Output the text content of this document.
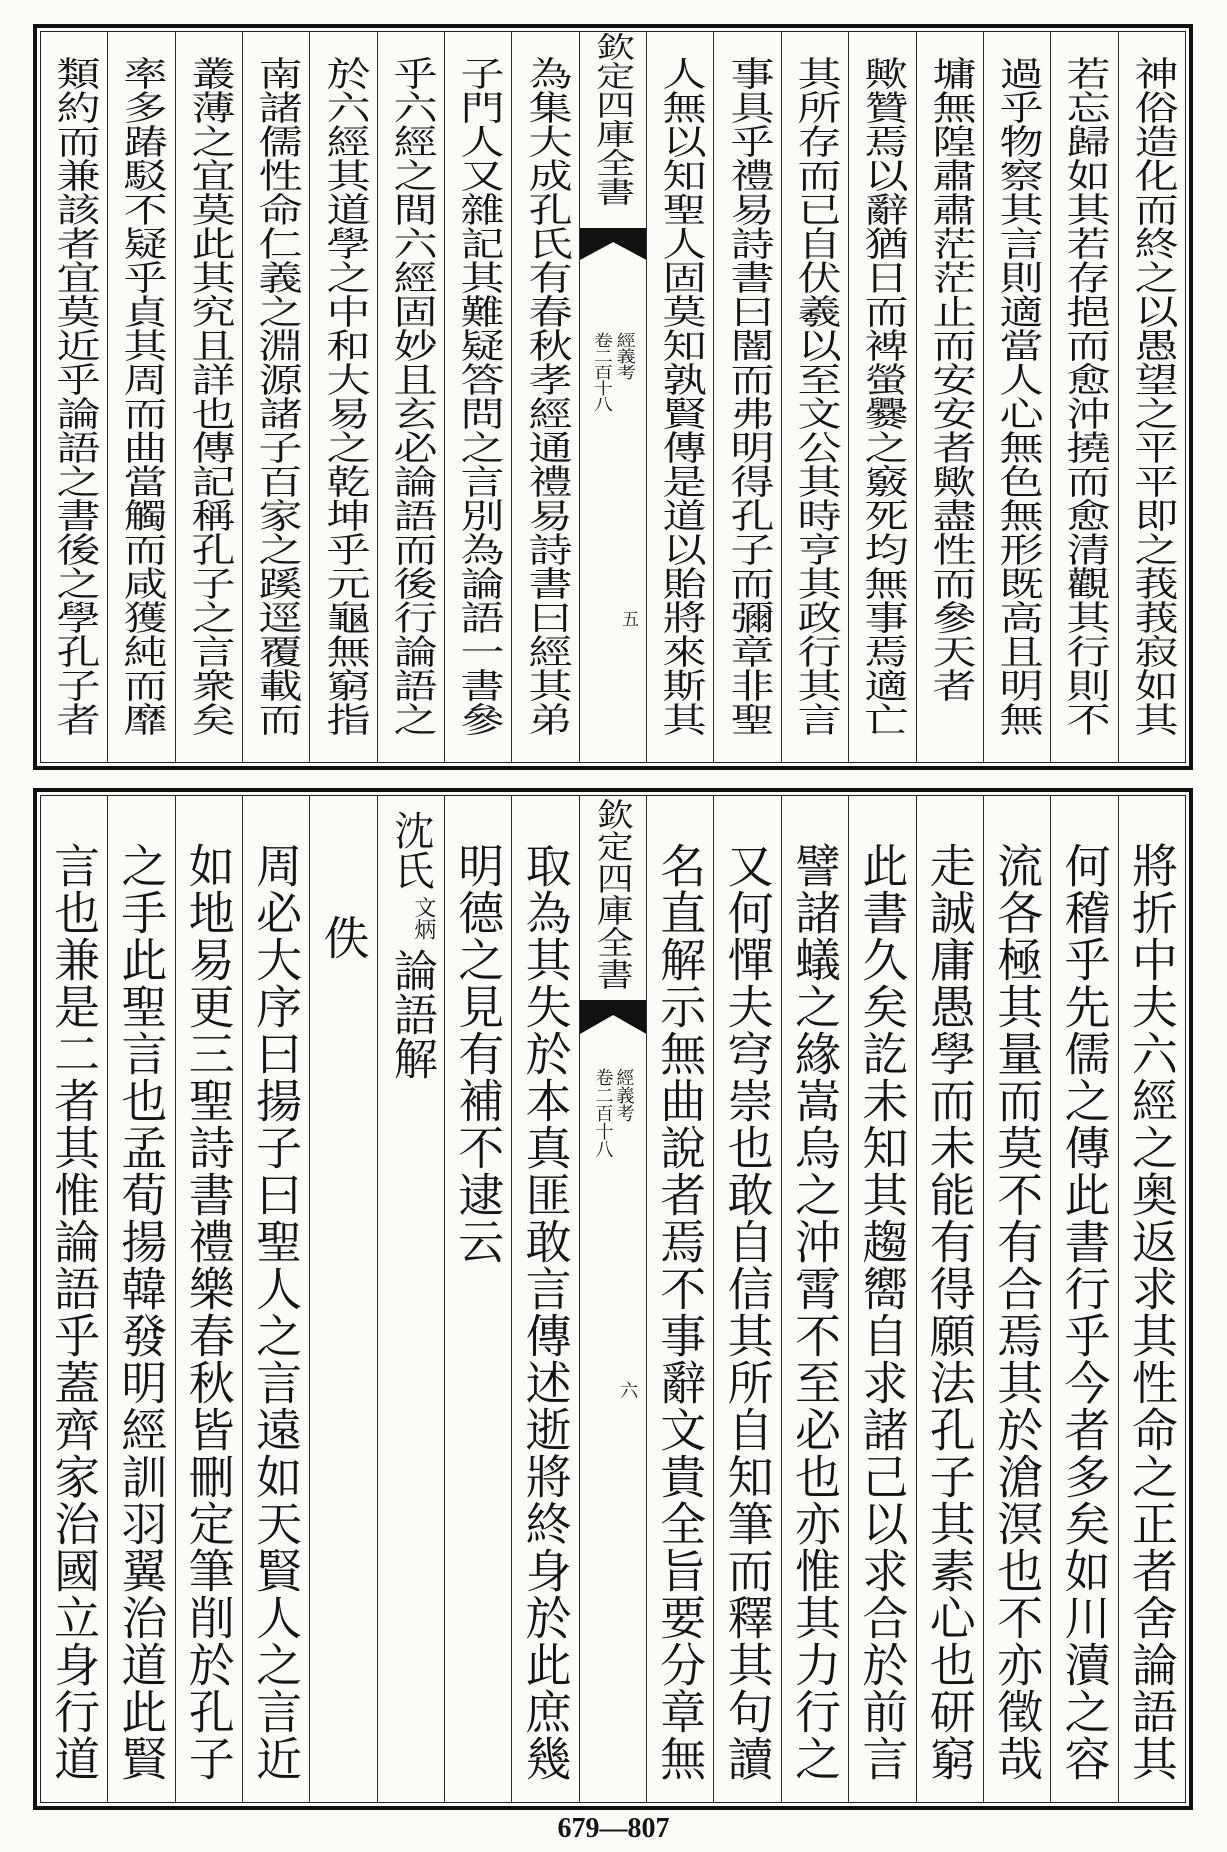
神俗造化而終之以愚望之平平即之莪莪寂如其
若忘歸如其若存挹而愈沖撓而愈清觀其行則不
過乎物察其言則適當人心無色無形既高且明無
墉無隍肅肅茫茫止而安安者歟盡性而參天者
歟贊焉以辭猶日而裨螢爨之竅死均無事焉適亡
其所存而已自伏羲以至文公其時亨其政行其言
事具乎禮易詩書曰闇而弗明得孔子而彌章非聖
人無以知聖人固莫知孰賢傳是道以貽將來斯其
欽定四庫全書
經義考
卷二百十八
五
為集大成孔氏有春秋孝經通禮易詩書曰經其弟
子門人又雜記其難疑答問之言別為論語一書參
乎六經之間六經固妙且玄必論語而後行論語之
於六經其道學之中和大易之乾坤乎元龜無窮指
南諸儒性命仁義之淵源諸子百家之蹊逕覆載而
叢薄之宜莫此其究且詳也傳記稱孔子之言衆矣
率多踳駁不疑乎貞其周而曲當觸而咸獲純而靡
類約而兼該者宜莫近乎論語之書後之學孔子者
將折中夫六經之奥返求其性命之正者舍論語其
何稽乎先儒之傳此書行乎今者多矣如川瀆之容
流各極其量而莫不有合焉其於滄溟也不亦徵哉
走誠庸愚學而未能有得願法孔子其素心也研窮
此書久矣訖未知其趨嚮自求諸己以求合於前言
譬諸蟻之緣嵩烏之沖霄不至必也亦惟其力行之
又何憚夫穹崇也敢自信其所自知筆而釋其句讀
名直解示無曲說者焉不事辭文貴全旨要分章無
欽定四庫全書
經義考
卷二百十八
六
取為其失於本真匪敢言傳述逝將終身於此庶幾
明德之見有補不逮云
沈氏
文炳
論語解
佚
周必大序曰揚子曰聖人之言遠如天賢人之言近
如地易更三聖詩書禮樂春秋皆刪定筆削於孔子
之手此聖言也孟荀揚韓發明經訓羽翼治道此賢
言也兼是二者其惟論語乎蓋齊家治國立身行道
679—807
